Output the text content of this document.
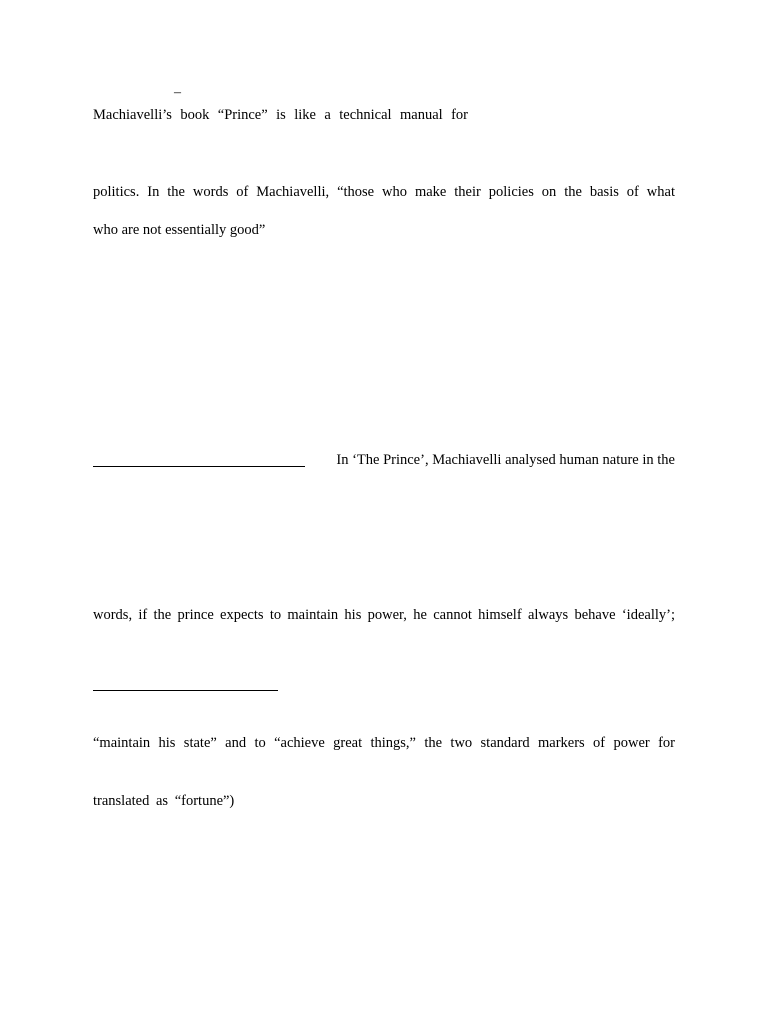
–
Machiavelli’s book “Prince” is like a technical manual for
politics. In the words of Machiavelli, “those who make their policies on the basis of what
who are not essentially good”
In ‘The Prince’, Machiavelli analysed human nature in the
words, if the prince expects to maintain his power, he cannot himself always behave ‘ideally’;
“maintain his state” and to “achieve great things,” the two standard markers of power for
translated as “fortune”)
